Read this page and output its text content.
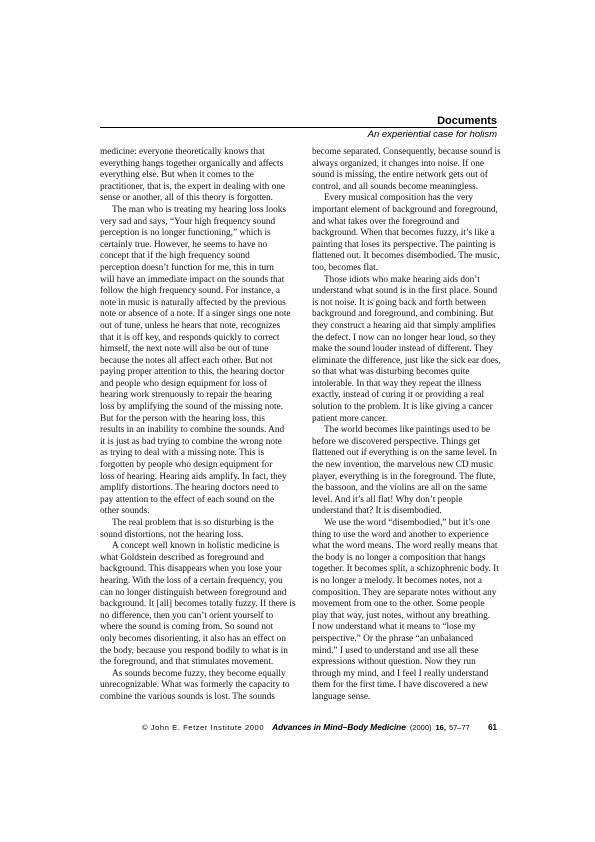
Documents
An experiential case for holism
medicine: everyone theoretically knows that
everything hangs together organically and affects
everything else. But when it comes to the
practitioner, that is, the expert in dealing with one
sense or another, all of this theory is forgotten.
The man who is treating my hearing loss looks
very sad and says, “Your high frequency sound
perception is no longer functioning,” which is
certainly true. However, he seems to have no
concept that if the high frequency sound
perception doesn’t function for me, this in turn
will have an immediate impact on the sounds that
follow the high frequency sound. For instance, a
note in music is naturally affected by the previous
note or absence of a note. If a singer sings one note
out of tune, unless he hears that note, recognizes
that it is off key, and responds quickly to correct
himself, the next note will also be out of tune
because the notes all affect each other. But not
paying proper attention to this, the hearing doctor
and people who design equipment for loss of
hearing work strenuously to repair the hearing
loss by amplifying the sound of the missing note.
But for the person with the hearing loss, this
results in an inability to combine the sounds. And
it is just as bad trying to combine the wrong note
as trying to deal with a missing note. This is
forgotten by people who design equipment for
loss of hearing. Hearing aids amplify. In fact, they
amplify distortions. The hearing doctors need to
pay attention to the effect of each sound on the
other sounds.
The real problem that is so disturbing is the
sound distortions, not the hearing loss.
A concept well known in holistic medicine is
what Goldstein described as foreground and
background. This disappears when you lose your
hearing. With the loss of a certain frequency, you
can no longer distinguish between foreground and
background. It [all] becomes totally fuzzy. If there is
no difference, then you can’t orient yourself to
where the sound is coming from. So sound not
only becomes disorienting, it also has an effect on
the body, because you respond bodily to what is in
the foreground, and that stimulates movement.
As sounds become fuzzy, they become equally
unrecognizable. What was formerly the capacity to
combine the various sounds is lost. The sounds
become separated. Consequently, because sound is
always organized, it changes into noise. If one
sound is missing, the entire network gets out of
control, and all sounds become meaningless.
Every musical composition has the very
important element of background and foreground,
and what takes over the foreground and
background. When that becomes fuzzy, it’s like a
painting that loses its perspective. The painting is
flattened out. It becomes disembodied. The music,
too, becomes flat.
Those idiots who make hearing aids don’t
understand what sound is in the first place. Sound
is not noise. It is going back and forth between
background and foreground, and combining. But
they construct a hearing aid that simply amplifies
the defect. I now can no longer hear loud, so they
make the sound louder instead of different. They
eliminate the difference, just like the sick ear does,
so that what was disturbing becomes quite
intolerable. In that way they repeat the illness
exactly, instead of curing it or providing a real
solution to the problem. It is like giving a cancer
patient more cancer.
The world becomes like paintings used to be
before we discovered perspective. Things get
flattened out if everything is on the same level. In
the new invention, the marvelous new CD music
player, everything is in the foreground. The flute,
the bassoon, and the violins are all on the same
level. And it’s all flat! Why don’t people
understand that? It is disembodied.
We use the word “disembodied,” but it’s one
thing to use the word and another to experience
what the word means. The word really means that
the body is no longer a composition that hangs
together. It becomes split, a schizophrenic body. It
is no longer a melody. It becomes notes, not a
composition. They are separate notes without any
movement from one to the other. Some people
play that way, just notes, without any breathing.
I now understand what it means to “lose my
perspective.” Or the phrase “an unbalanced
mind.” I used to understand and use all these
expressions without question. Now they run
through my mind, and I feel I really understand
them for the first time. I have discovered a new
language sense.
© John E. Fetzer Institute 2000 Advances in Mind–Body Medicine (2000) 16, 57–77 61
